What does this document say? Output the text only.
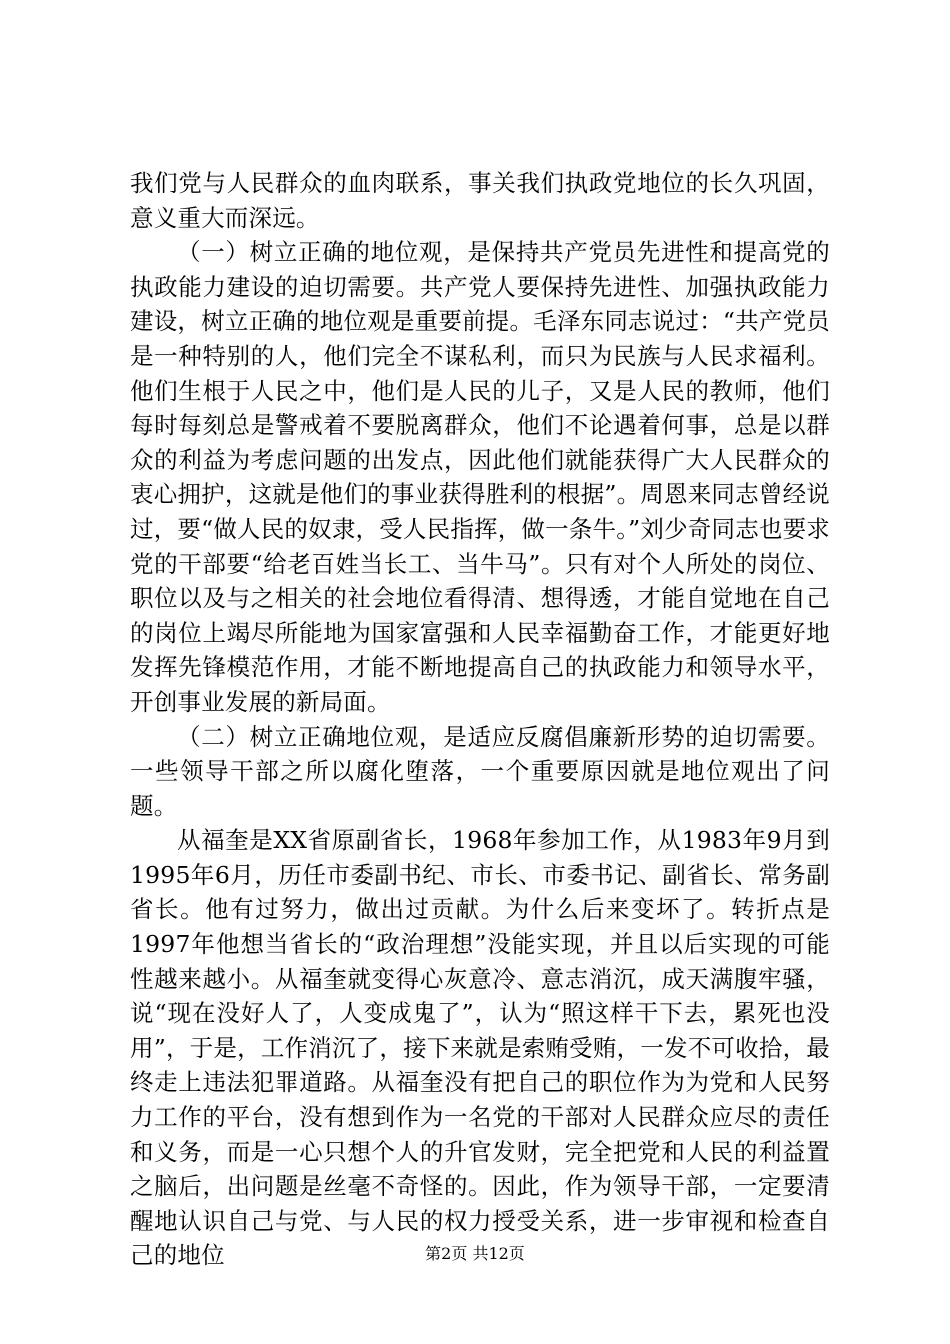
我们党与人民群众的血肉联系，事关我们执政党地位的长久巩固，意义重大而深远。

（一）树立正确的地位观，是保持共产党员先进性和提高党的执政能力建设的迫切需要。共产党人要保持先进性、加强执政能力建设，树立正确的地位观是重要前提。毛泽东同志说过：“共产党员是一种特别的人，他们完全不谋私利，而只为民族与人民求福利。他们生根于人民之中，他们是人民的儿子，又是人民的教师，他们每时每刻总是警戒着不要脱离群众，他们不论遇着何事，总是以群众的利益为考虑问题的出发点，因此他们就能获得广大人民群众的衷心拥护，这就是他们的事业获得胜利的根据”。周恩来同志曾经说过，要“做人民的奴隶，受人民指挥，做一条牛。”刘少奇同志也要求党的干部要“给老百姓当长工、当牛马”。只有对个人所处的岗位、职位以及与之相关的社会地位看得清、想得透，才能自觉地在自己的岗位上竭尽所能地为国家富强和人民幸福勤奋工作，才能更好地发挥先锋模范作用，才能不断地提高自己的执政能力和领导水平，开创事业发展的新局面。

（二）树立正确地位观，是适应反腐倡廉新形势的迫切需要。一些领导干部之所以腐化堕落，一个重要原因就是地位观出了问题。

从福奎是XX省原副省长，1968年参加工作，从1983年9月到1995年6月，历任市委副书纪、市长、市委书记、副省长、常务副省长。他有过努力，做出过贡献。为什么后来变坏了。转折点是1997年他想当省长的“政治理想”没能实现，并且以后实现的可能性越来越小。从福奎就变得心灰意冷、意志消沉，成天满腹牢骚，说“现在没好人了，人变成鬼了”，认为“照这样干下去，累死也没用”，于是，工作消沉了，接下来就是索贿受贿，一发不可收拾，最终走上违法犯罪道路。从福奎没有把自己的职位作为为党和人民努力工作的平台，没有想到作为一名党的干部对人民群众应尽的责任和义务，而是一心只想个人的升官发财，完全把党和人民的利益置之脑后，出问题是丝毫不奇怪的。因此，作为领导干部，一定要清醒地认识自己与党、与人民的权力授受关系，进一步审视和检查自己的地位	第2页 共12页
